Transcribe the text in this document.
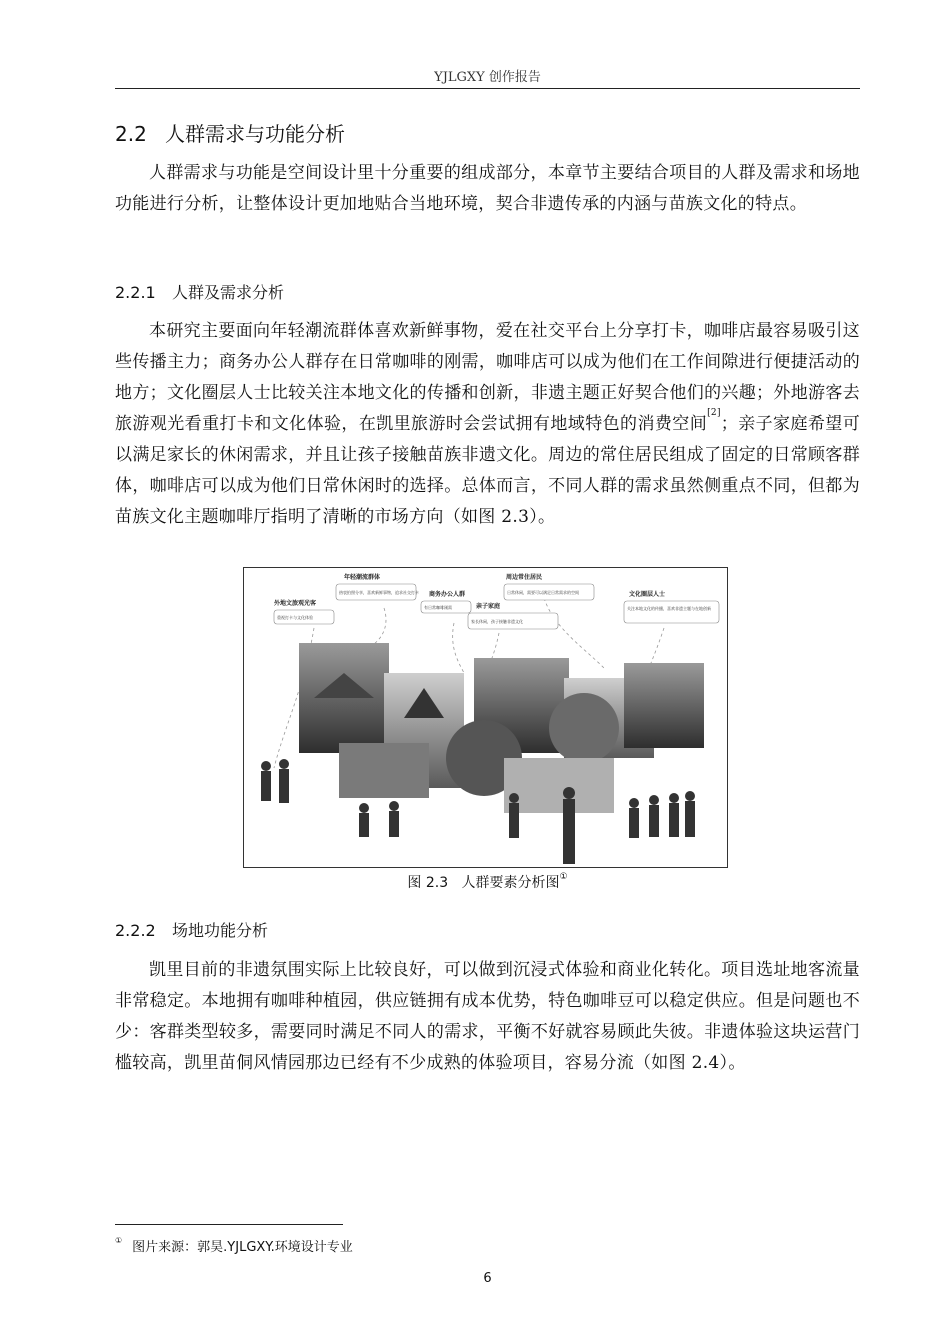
YJLGXY 创作报告
2.2 人群需求与功能分析
人群需求与功能是空间设计里十分重要的组成部分，本章节主要结合项目的人群及需求和场地功能进行分析，让整体设计更加地贴合当地环境，契合非遗传承的内涵与苗族文化的特点。
2.2.1 人群及需求分析
本研究主要面向年轻潮流群体喜欢新鲜事物，爱在社交平台上分享打卡，咖啡店最容易吸引这些传播主力；商务办公人群存在日常咖啡的刚需，咖啡店可以成为他们在工作间隙进行便捷活动的地方；文化圈层人士比较关注本地文化的传播和创新，非遗主题正好契合他们的兴趣；外地游客去旅游观光看重打卡和文化体验，在凯里旅游时会尝试拥有地域特色的消费空间[2]；亲子家庭希望可以满足家长的休闲需求，并且让孩子接触苗族非遗文化。周边的常住居民组成了固定的日常顾客群体，咖啡店可以成为他们日常休闲时的选择。总体而言，不同人群的需求虽然侧重点不同，但都为苗族文化主题咖啡厅指明了清晰的市场方向（如图 2.3）。
年轻潮流群体
商务办公人群
周边常住居民
外地文旅观光客	亲子家庭
文化圈层人士
热衷拍照分享，喜欢新鲜事物，追求社交打卡
有日常咖啡刚需
日常休闲，需要可以满足日常需求的空间
重视打卡与文化体验
家长休闲，孩子接触非遗文化
关注本地文化的传播，喜欢非遗主题与在地创新
图 2.3 人群要素分析图①
2.2.2 场地功能分析
凯里目前的非遗氛围实际上比较良好，可以做到沉浸式体验和商业化转化。项目选址地客流量非常稳定。本地拥有咖啡种植园，供应链拥有成本优势，特色咖啡豆可以稳定供应。但是问题也不少：客群类型较多，需要同时满足不同人的需求，平衡不好就容易顾此失彼。非遗体验这块运营门槛较高，凯里苗侗风情园那边已经有不少成熟的体验项目，容易分流（如图 2.4）。
① 图片来源：郭昊.YJLGXY.环境设计专业
6
